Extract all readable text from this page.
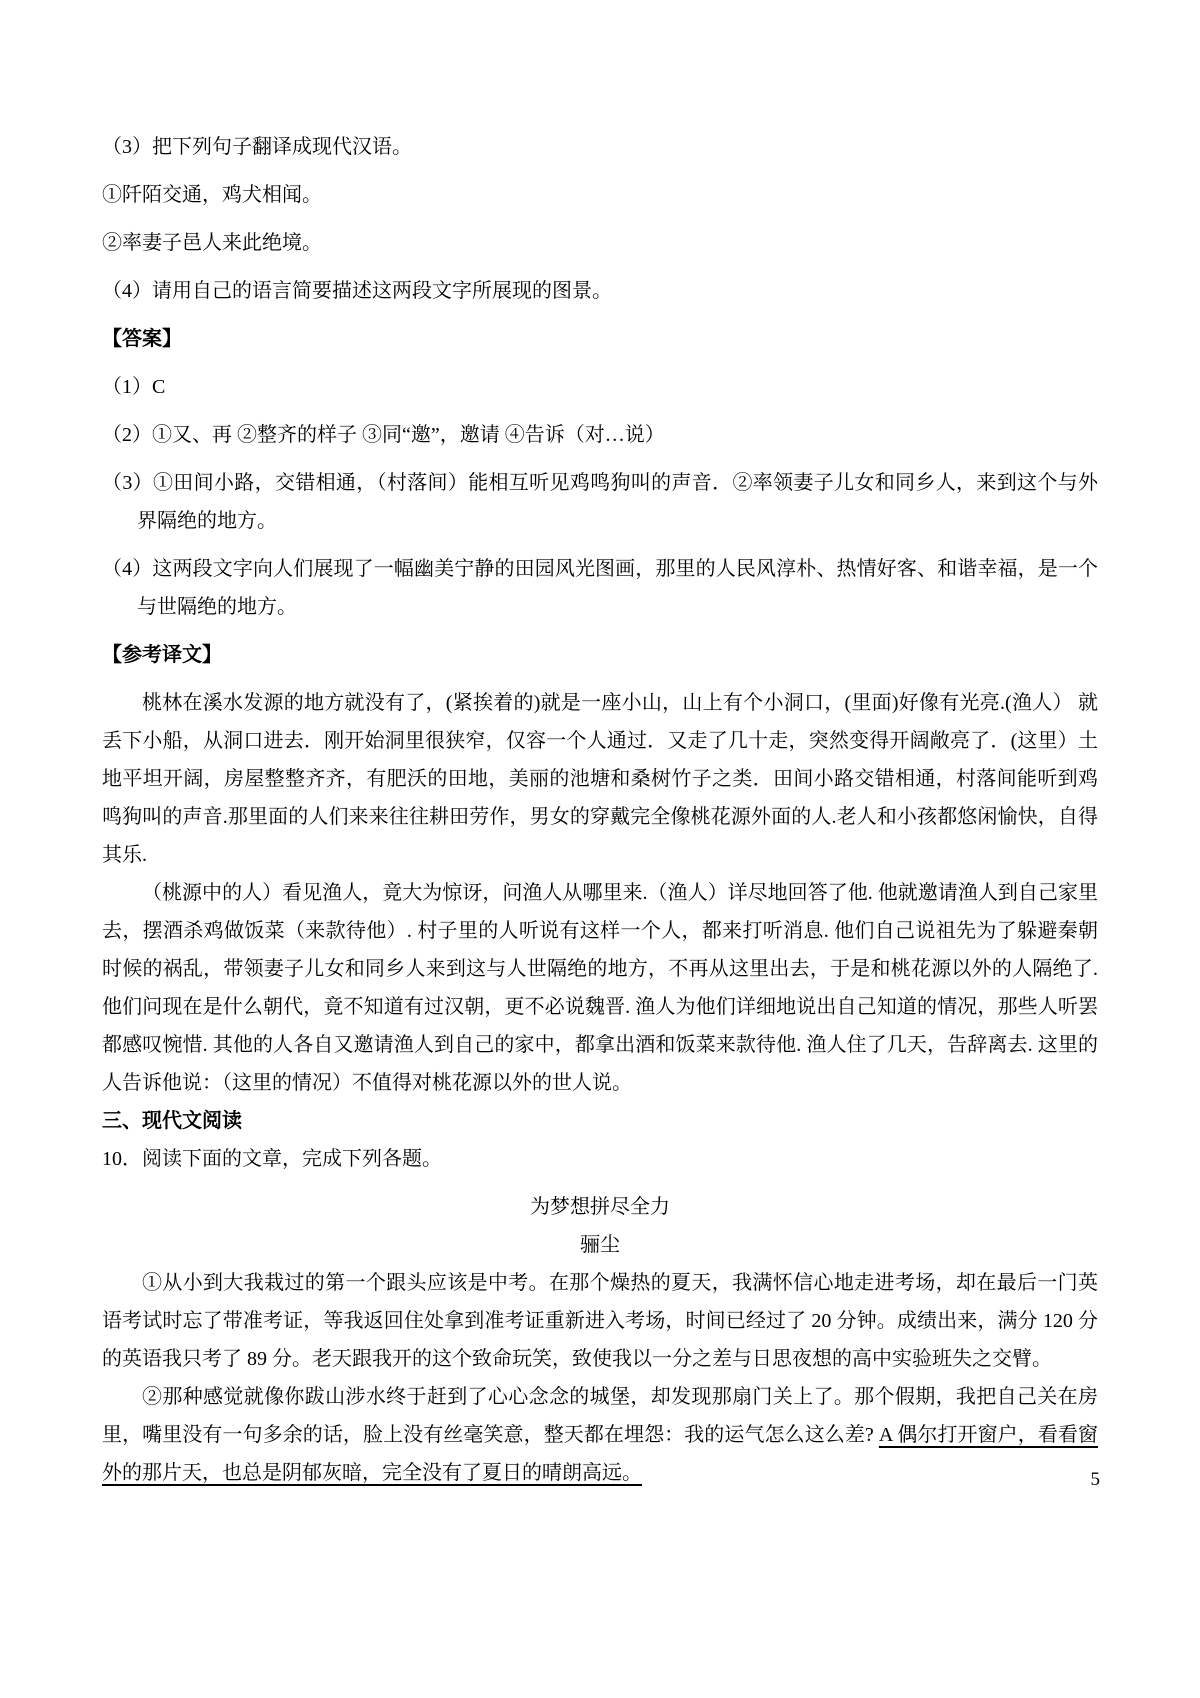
（3）把下列句子翻译成现代汉语。

①阡陌交通，鸡犬相闻。

②率妻子邑人来此绝境。

（4）请用自己的语言简要描述这两段文字所展现的图景。

【答案】

（1）C

（2）①又、再 ②整齐的样子 ③同“邀”，邀请 ④告诉（对…说）

（3）①田间小路，交错相通，（村落间）能相互听见鸡鸣狗叫的声音．②率领妻子儿女和同乡人，来到这个与外界隔绝的地方。

（4）这两段文字向人们展现了一幅幽美宁静的田园风光图画，那里的人民风淳朴、热情好客、和谐幸福，是一个与世隔绝的地方。

【参考译文】

桃林在溪水发源的地方就没有了，(紧挨着的)就是一座小山，山上有个小洞口，(里面)好像有光亮.(渔人） 就丢下小船，从洞口进去．刚开始洞里很狭窄，仅容一个人通过．又走了几十走，突然变得开阔敞亮了．(这里）土地平坦开阔，房屋整整齐齐，有肥沃的田地，美丽的池塘和桑树竹子之类．田间小路交错相通，村落间能听到鸡鸣狗叫的声音.那里面的人们来来往往耕田劳作，男女的穿戴完全像桃花源外面的人.老人和小孩都悠闲愉快，自得其乐.

（桃源中的人）看见渔人，竟大为惊讶，问渔人从哪里来.（渔人）详尽地回答了他. 他就邀请渔人到自己家里去，摆酒杀鸡做饭菜（来款待他）. 村子里的人听说有这样一个人，都来打听消息. 他们自己说祖先为了躲避秦朝时候的祸乱，带领妻子儿女和同乡人来到这与人世隔绝的地方，不再从这里出去，于是和桃花源以外的人隔绝了. 他们问现在是什么朝代，竟不知道有过汉朝，更不必说魏晋. 渔人为他们详细地说出自己知道的情况，那些人听罢都感叹惋惜. 其他的人各自又邀请渔人到自己的家中，都拿出酒和饭菜来款待他. 渔人住了几天，告辞离去. 这里的人告诉他说：（这里的情况）不值得对桃花源以外的世人说。

三、现代文阅读

10．阅读下面的文章，完成下列各题。

为梦想拼尽全力

骊尘

①从小到大我栽过的第一个跟头应该是中考。在那个燥热的夏天，我满怀信心地走进考场，却在最后一门英语考试时忘了带准考证，等我返回住处拿到准考证重新进入考场，时间已经过了 20 分钟。成绩出来，满分 120 分的英语我只考了 89 分。老天跟我开的这个致命玩笑，致使我以一分之差与日思夜想的高中实验班失之交臂。

②那种感觉就像你跋山涉水终于赶到了心心念念的城堡，却发现那扇门关上了。那个假期，我把自己关在房里，嘴里没有一句多余的话，脸上没有丝毫笑意，整天都在埋怨：我的运气怎么这么差? A 偶尔打开窗户，看看窗外的那片天，也总是阴郁灰暗，完全没有了夏日的晴朗高远。	5
